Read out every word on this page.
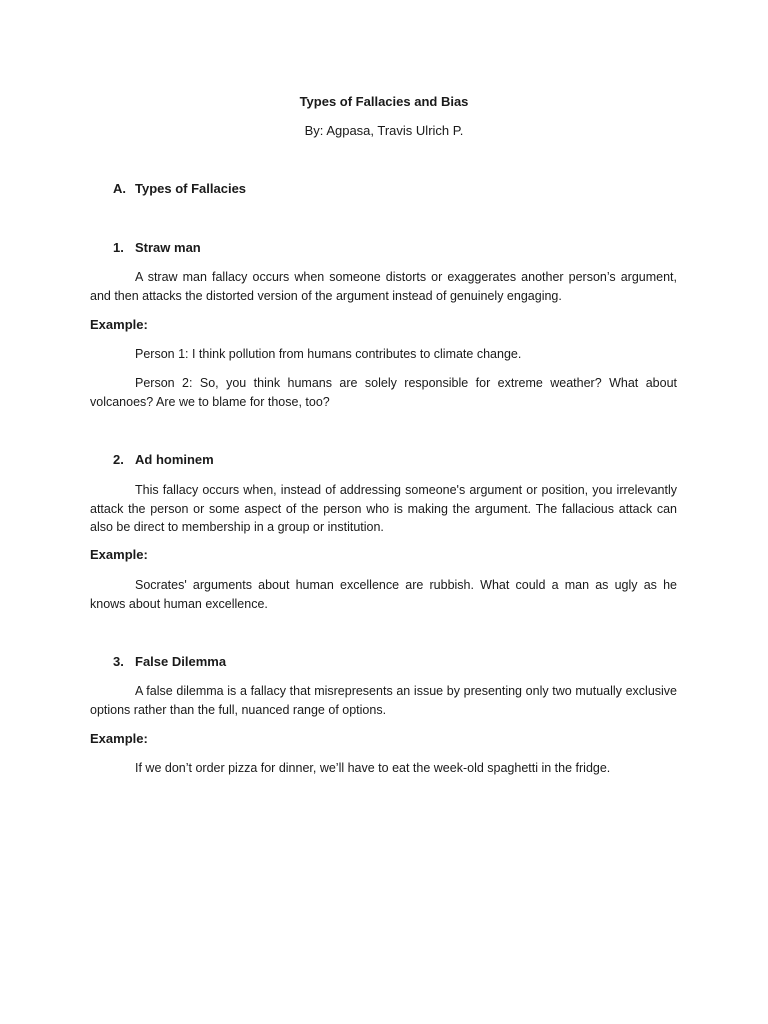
Types of Fallacies and Bias
By: Agpasa, Travis Ulrich P.
A. Types of Fallacies
1. Straw man
A straw man fallacy occurs when someone distorts or exaggerates another person’s argument, and then attacks the distorted version of the argument instead of genuinely engaging.
Example:
Person 1: I think pollution from humans contributes to climate change.
Person 2: So, you think humans are solely responsible for extreme weather? What about volcanoes? Are we to blame for those, too?
2. Ad hominem
This fallacy occurs when, instead of addressing someone's argument or position, you irrelevantly attack the person or some aspect of the person who is making the argument. The fallacious attack can also be direct to membership in a group or institution.
Example:
Socrates' arguments about human excellence are rubbish. What could a man as ugly as he knows about human excellence.
3. False Dilemma
A false dilemma is a fallacy that misrepresents an issue by presenting only two mutually exclusive options rather than the full, nuanced range of options.
Example:
If we don’t order pizza for dinner, we’ll have to eat the week-old spaghetti in the fridge.
